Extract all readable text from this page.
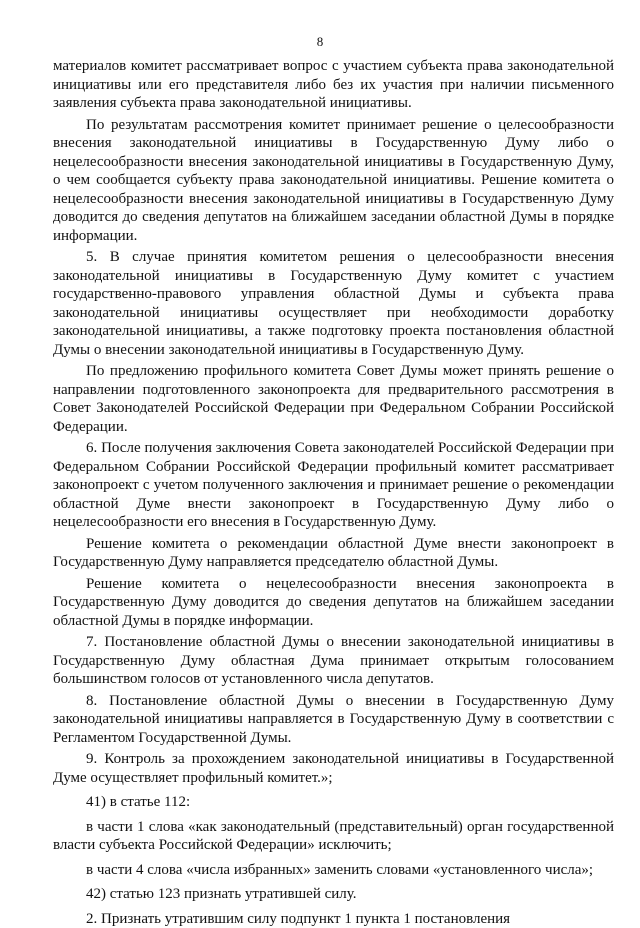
8

материалов комитет рассматривает вопрос с участием субъекта права законодательной инициативы или его представителя либо без их участия при наличии письменного заявления субъекта права законодательной инициативы.

По результатам рассмотрения комитет принимает решение о целесообразности внесения законодательной инициативы в Государственную Думу либо о нецелесообразности внесения законодательной инициативы в Государственную Думу, о чем сообщается субъекту права законодательной инициативы. Решение комитета о нецелесообразности внесения законодательной инициативы в Государственную Думу доводится до сведения депутатов на ближайшем заседании областной Думы в порядке информации.

5. В случае принятия комитетом решения о целесообразности внесения законодательной инициативы в Государственную Думу комитет с участием государственно-правового управления областной Думы и субъекта права законодательной инициативы осуществляет при необходимости доработку законодательной инициативы, а также подготовку проекта постановления областной Думы о внесении законодательной инициативы в Государственную Думу.

По предложению профильного комитета Совет Думы может принять решение о направлении подготовленного законопроекта для предварительного рассмотрения в Совет Законодателей Российской Федерации при Федеральном Собрании Российской Федерации.

6. После получения заключения Совета законодателей Российской Федерации при Федеральном Собрании Российской Федерации профильный комитет рассматривает законопроект с учетом полученного заключения и принимает решение о рекомендации областной Думе внести законопроект в Государственную Думу либо о нецелесообразности его внесения в Государственную Думу.

Решение комитета о рекомендации областной Думе внести законопроект в Государственную Думу направляется председателю областной Думы.

Решение комитета о нецелесообразности внесения законопроекта в Государственную Думу доводится до сведения депутатов на ближайшем заседании областной Думы в порядке информации.

7. Постановление областной Думы о внесении законодательной инициативы в Государственную Думу областная Дума принимает открытым голосованием большинством голосов от установленного числа депутатов.

8. Постановление областной Думы о внесении в Государственную Думу законодательной инициативы направляется в Государственную Думу в соответствии с Регламентом Государственной Думы.

9. Контроль за прохождением законодательной инициативы в Государственной Думе осуществляет профильный комитет.»;

41) в статье 112:

в части 1 слова «как законодательный (представительный) орган государственной власти субъекта Российской Федерации» исключить;

в части 4 слова «числа избранных» заменить словами «установленного числа»;

42) статью 123 признать утратившей силу.

2. Признать утратившим силу подпункт 1 пункта 1 постановления
